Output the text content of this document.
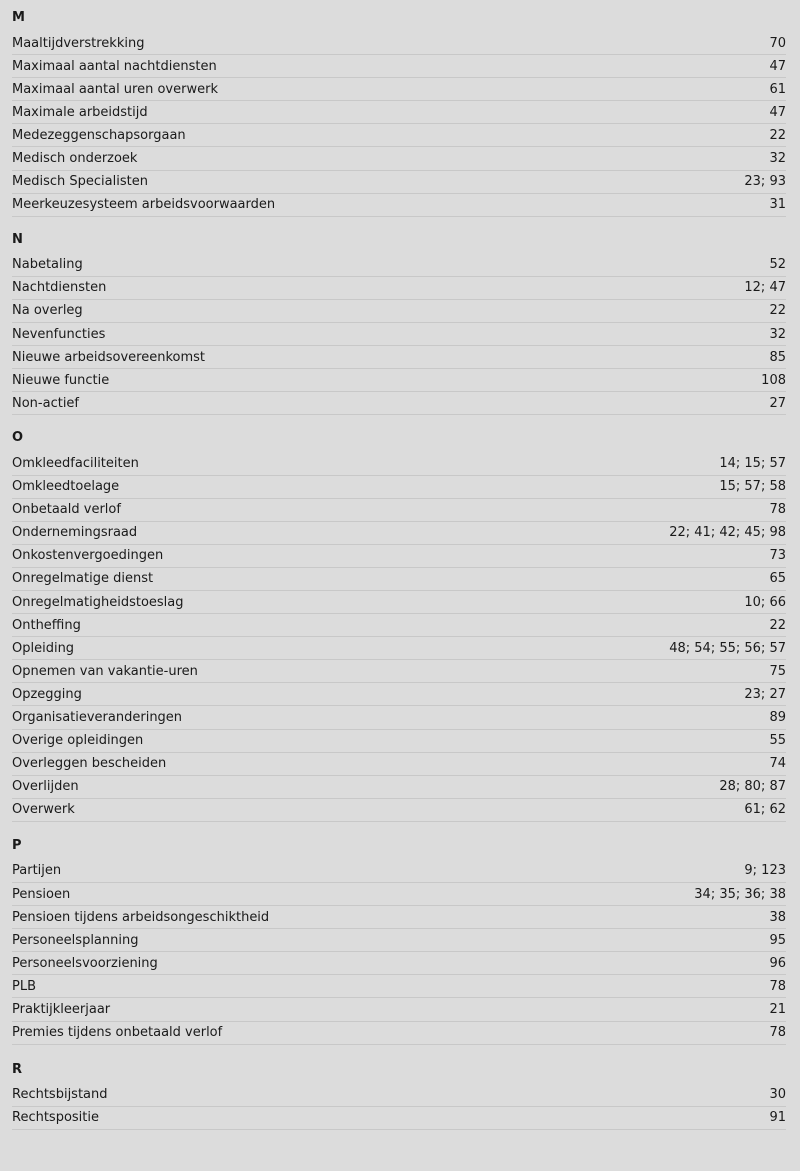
M
Maaltijdverstrekking	70
Maximaal aantal nachtdiensten	47
Maximaal aantal uren overwerk	61
Maximale arbeidstijd	47
Medezeggenschapsorgaan	22
Medisch onderzoek	32
Medisch Specialisten	23; 93
Meerkeuzesysteem arbeidsvoorwaarden	31
N
Nabetaling	52
Nachtdiensten	12; 47
Na overleg	22
Nevenfuncties	32
Nieuwe arbeidsovereenkomst	85
Nieuwe functie	108
Non-actief	27
O
Omkleedfaciliteiten	14; 15; 57
Omkleedtoelage	15; 57; 58
Onbetaald verlof	78
Ondernemingsraad	22; 41; 42; 45; 98
Onkostenvergoedingen	73
Onregelmatige dienst	65
Onregelmatigheidstoeslag	10; 66
Ontheffing	22
Opleiding	48; 54; 55; 56; 57
Opnemen van vakantie-uren	75
Opzegging	23; 27
Organisatieveranderingen	89
Overige opleidingen	55
Overleggen bescheiden	74
Overlijden	28; 80; 87
Overwerk	61; 62
P
Partijen	9; 123
Pensioen	34; 35; 36; 38
Pensioen tijdens arbeidsongeschiktheid	38
Personeelsplanning	95
Personeelsvoorziening	96
PLB	78
Praktijkleerjaar	21
Premies tijdens onbetaald verlof	78
R
Rechtsbijstand	30
Rechtspositie	91
